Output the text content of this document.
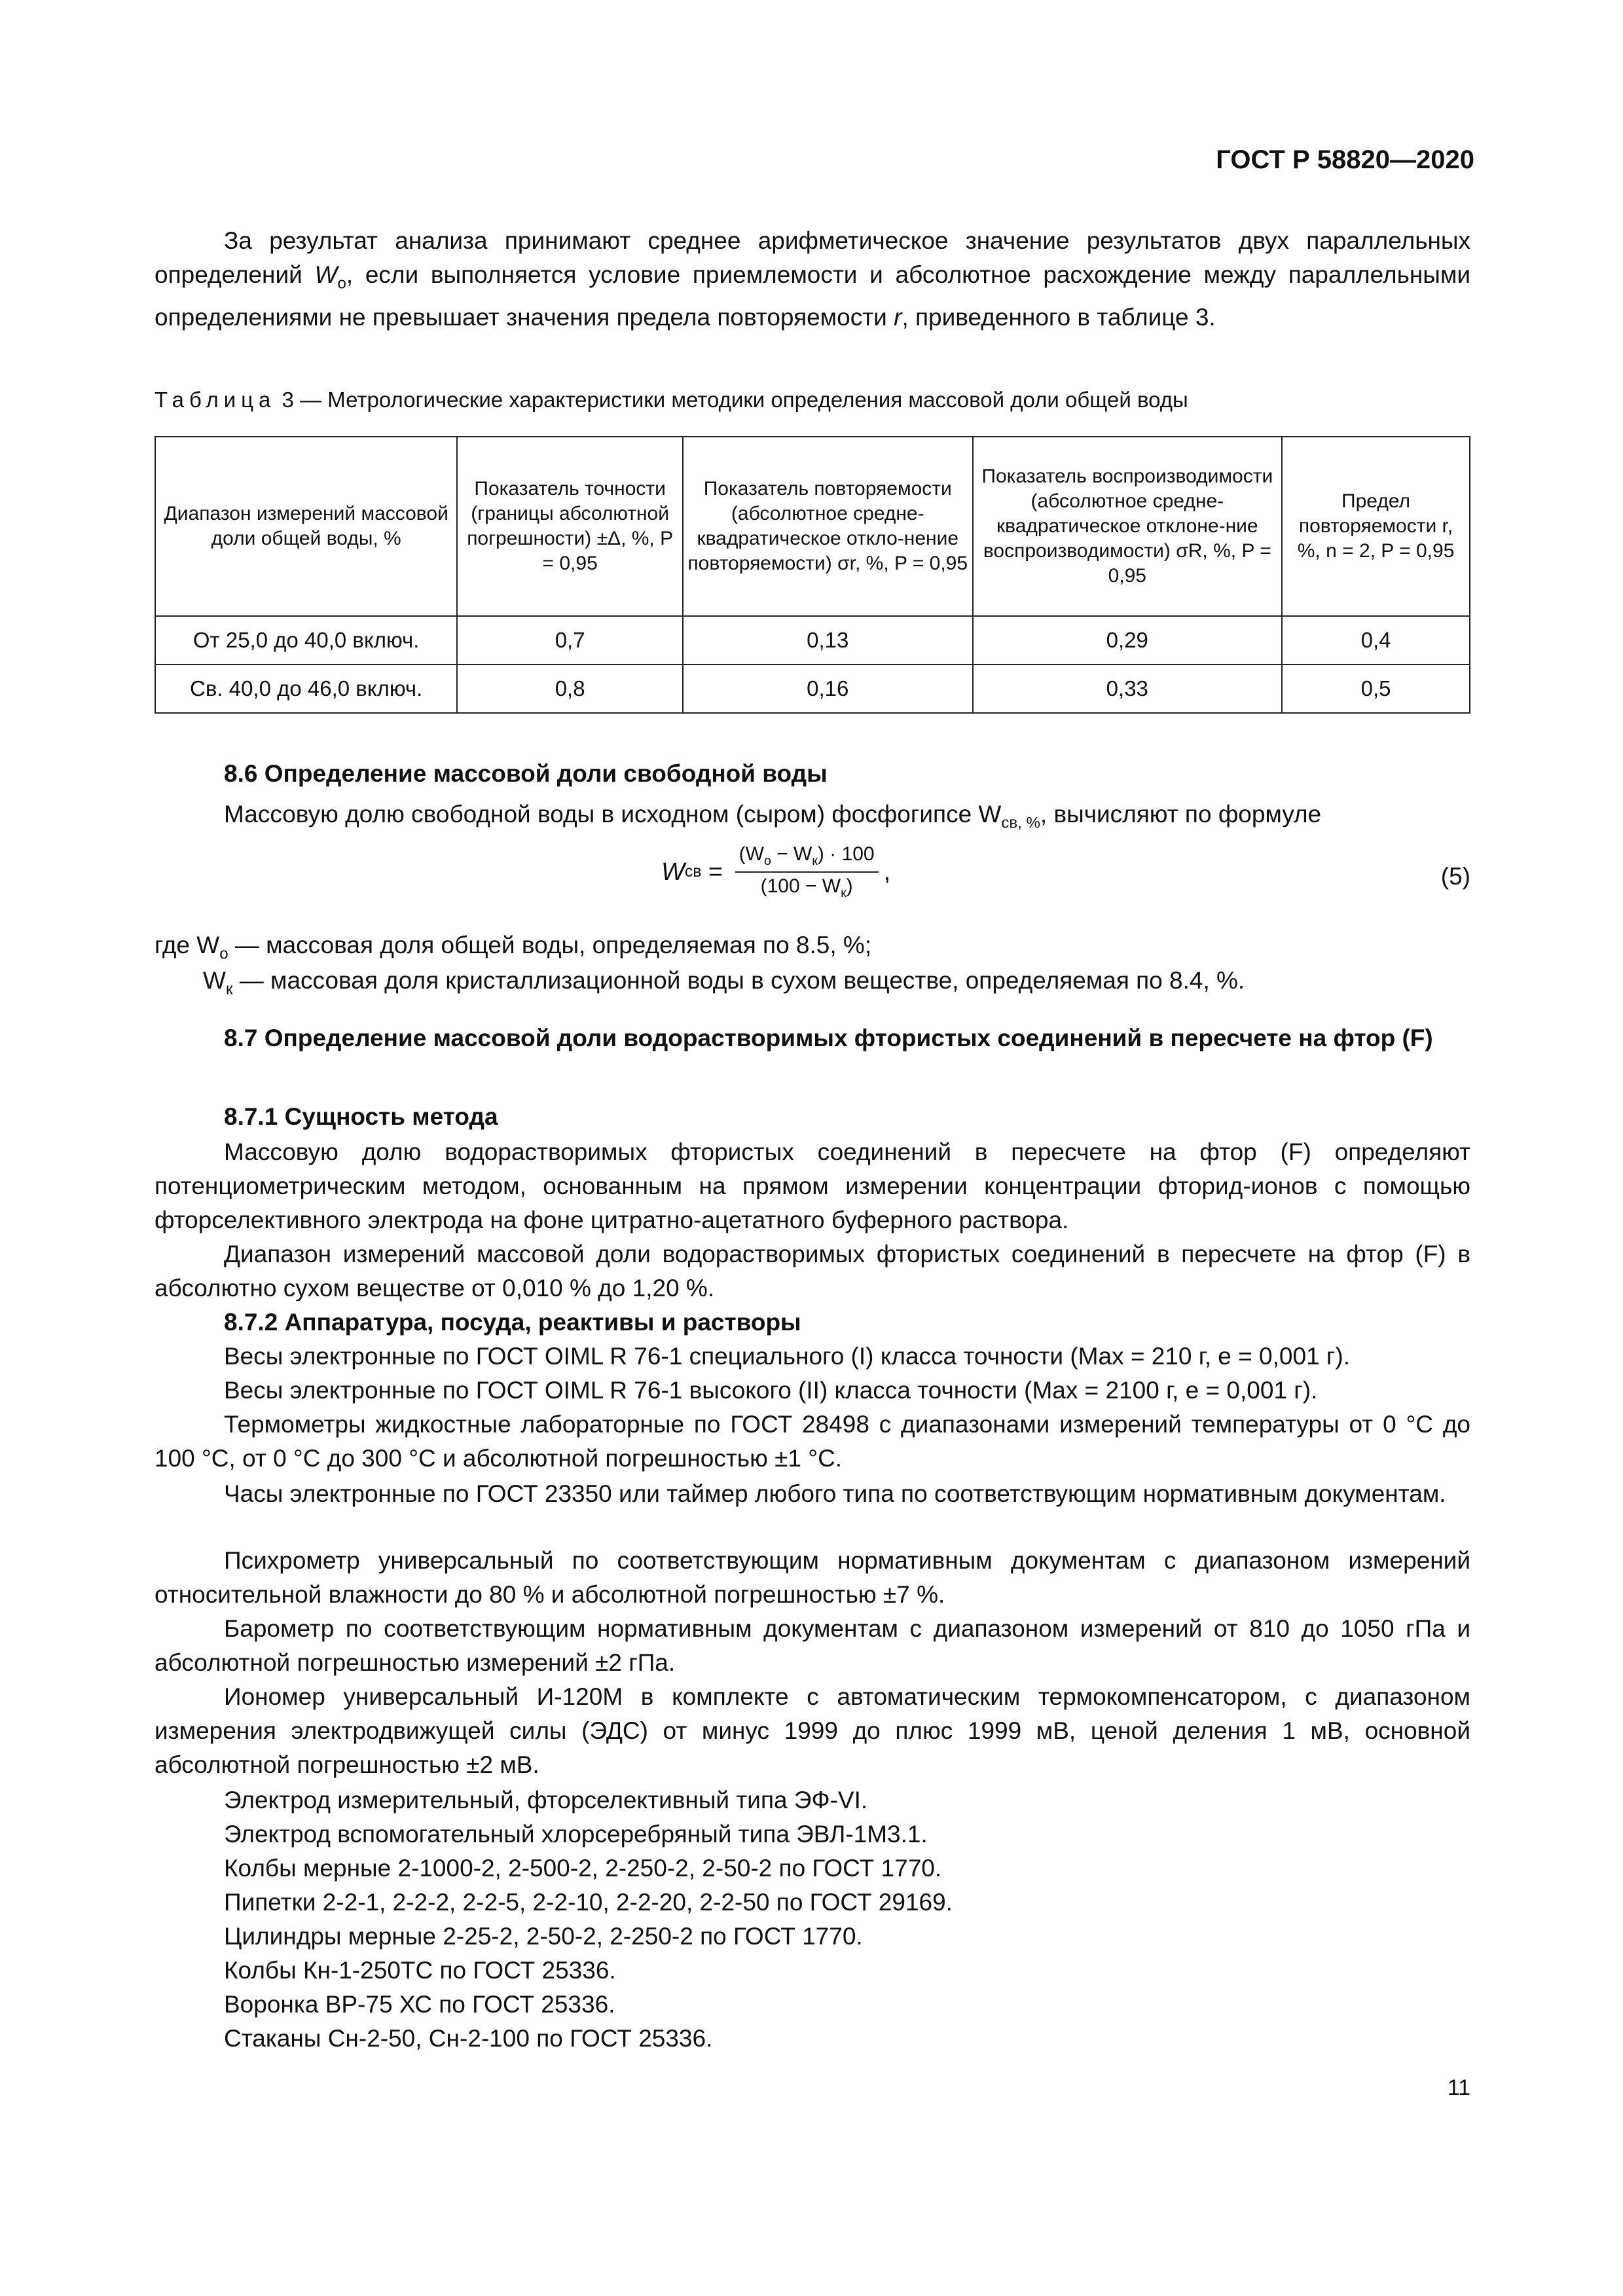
ГОСТ Р 58820—2020

За результат анализа принимают среднее арифметическое значение результатов двух параллельных определений $W_о$, если выполняется условие приемлемости и абсолютное расхождение между параллельными определениями не превышает значения предела повторяемости r, приведенного в таблице 3.

Таблица 3 — Метрологические характеристики методики определения массовой доли общей воды
Диапазон измерений массовой доли общей воды, %	Показатель точности (границы абсолютной погрешности) ±Δ, %, P = 0,95	Показатель повторяемости (абсолютное средне-квадратическое откло-нение повторяемости) σr, %, P = 0,95	Показатель воспроизводимости (абсолютное средне-квадратическое отклоне-ние воспроизводимости) σR, %, P = 0,95	Предел повторяемости r, %, n = 2, P = 0,95
От 25,0 до 40,0 включ.	0,7	0,13	0,29	0,4
Св. 40,0 до 46,0 включ.	0,8	0,16	0,33	0,5

8.6 Определение массовой доли свободной воды

Массовую долю свободной воды в исходном (сыром) фосфогипсе $W_{св, \%}$, вычисляют по формуле

W св = $\frac{(W_о - W_к) \cdot 100}{(100 - W_к)}$ ,	(5)

где $W_о$ — массовая доля общей воды, определяемая по 8.5, %;

$W_к$ — массовая доля кристаллизационной воды в сухом веществе, определяемая по 8.4, %.

8.7 Определение массовой доли водорастворимых фтористых соединений в пересчете на фтор (F)

8.7.1 Сущность метода

Массовую долю водорастворимых фтористых соединений в пересчете на фтор (F) определяют потенциометрическим методом, основанным на прямом измерении концентрации фторид-ионов с помощью фторселективного электрода на фоне цитратно-ацетатного буферного раствора.

Диапазон измерений массовой доли водорастворимых фтористых соединений в пересчете на фтор (F) в абсолютно сухом веществе от 0,010 % до 1,20 %.

8.7.2 Аппаратура, посуда, реактивы и растворы

Весы электронные по ГОСТ OIML R 76-1 специального (I) класса точности (Max = 210 г, e = 0,001 г).

Весы электронные по ГОСТ OIML R 76-1 высокого (II) класса точности (Max = 2100 г, e = 0,001 г).

Термометры жидкостные лабораторные по ГОСТ 28498 с диапазонами измерений температуры от 0 °С до 100 °С, от 0 °С до 300 °С и абсолютной погрешностью ±1 °С.

Часы электронные по ГОСТ 23350 или таймер любого типа по соответствующим нормативным документам.

Психрометр универсальный по соответствующим нормативным документам с диапазоном измерений относительной влажности до 80 % и абсолютной погрешностью ±7 %.

Барометр по соответствующим нормативным документам с диапазоном измерений от 810 до 1050 гПа и абсолютной погрешностью измерений ±2 гПа.

Иономер универсальный И-120М в комплекте с автоматическим термокомпенсатором, с диапазоном измерения электродвижущей силы (ЭДС) от минус 1999 до плюс 1999 мВ, ценой деления 1 мВ, основной абсолютной погрешностью ±2 мВ.

Электрод измерительный, фторселективный типа ЭФ-VI.
Электрод вспомогательный хлорсеребряный типа ЭВЛ-1М3.1.
Колбы мерные 2-1000-2, 2-500-2, 2-250-2, 2-50-2 по ГОСТ 1770.
Пипетки 2-2-1, 2-2-2, 2-2-5, 2-2-10, 2-2-20, 2-2-50 по ГОСТ 29169.
Цилиндры мерные 2-25-2, 2-50-2, 2-250-2 по ГОСТ 1770.
Колбы Кн-1-250ТС по ГОСТ 25336.
Воронка ВР-75 ХС по ГОСТ 25336.
Стаканы Сн-2-50, Сн-2-100 по ГОСТ 25336.
11
